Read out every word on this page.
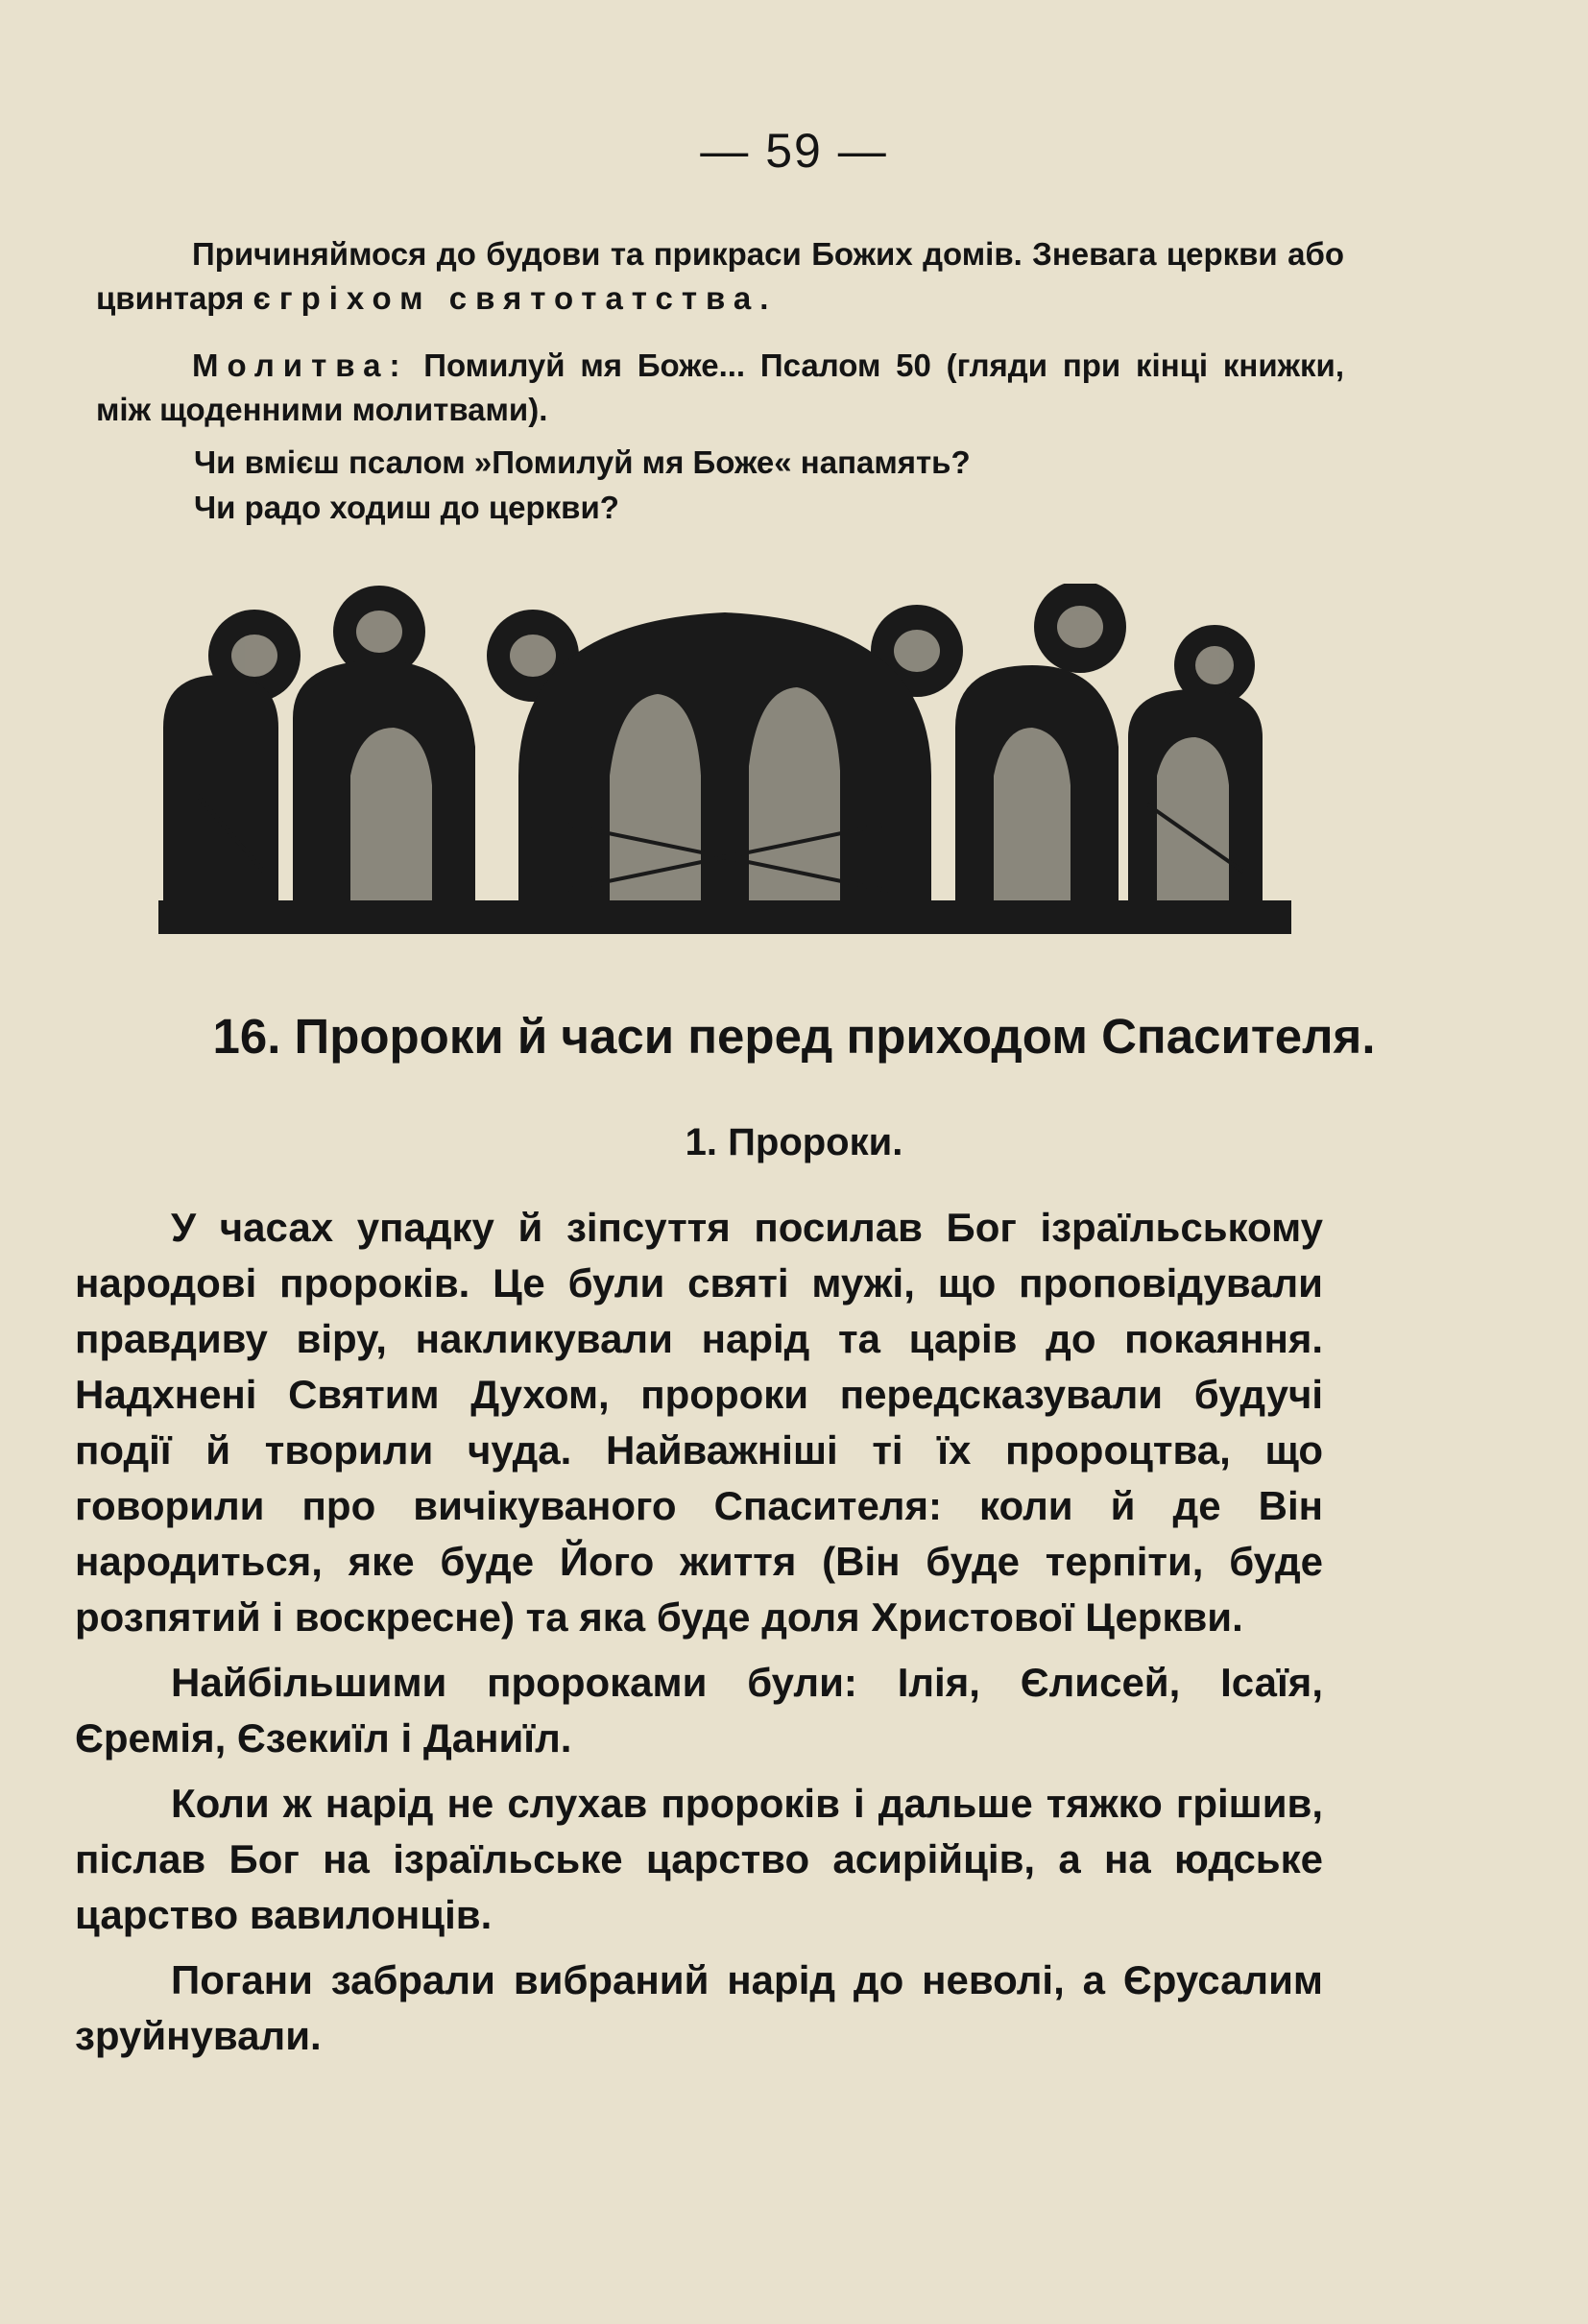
— 59 —

Причиняймося до будови та прикраси Божих домів. Зневага церкви або цвинтаря є гріхом святотатства.

Молитва: Помилуй мя Боже... Псалом 50 (гляди при кінці книжки, між щоденними молитвами).

Чи вмієш псалом »Помилуй мя Боже« напамять?
Чи радо ходиш до церкви?
16. Пророки й часи перед приходом Спасителя.
1. Пророки.

У часах упадку й зіпсуття посилав Бог ізраїльському народові пророків. Це були святі мужі, що проповідували правдиву віру, накликували нарід та царів до покаяння. Надхнені Святим Духом, пророки передсказували будучі події й творили чуда. Найважніші ті їх пророцтва, що говорили про вичікуваного Спасителя: коли й де Він народиться, яке буде Його життя (Він буде терпіти, буде розпятий і воскресне) та яка буде доля Христової Церкви.

Найбільшими пророками були: Ілія, Єлисей, Ісаїя, Єремія, Єзекиїл і Даниїл.

Коли ж нарід не слухав пророків і дальше тяжко грішив, післав Бог на ізраїльське царство асирійців, а на юдське царство вавилонців.

Погани забрали вибраний нарід до неволі, а Єрусалим зруйнували.
